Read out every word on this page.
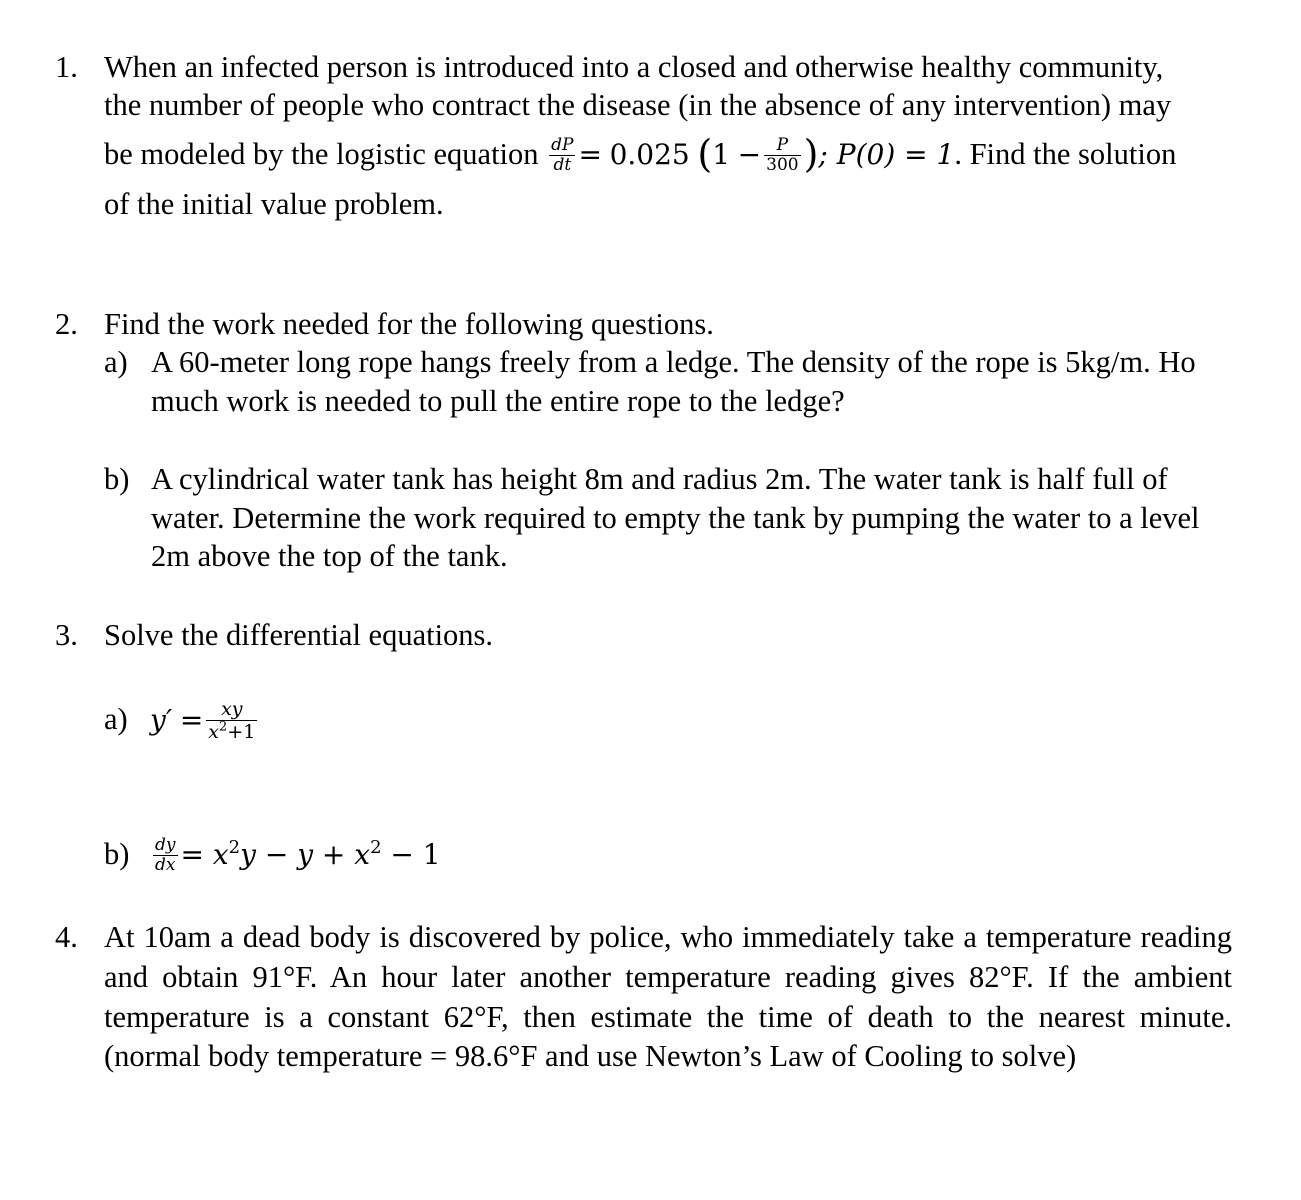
1. When an infected person is introduced into a closed and otherwise healthy community,
the number of people who contract the disease (in the absence of any intervention) may
be modeled by the logistic equation $\frac{dP}{dt} = 0.025$ ($1 - \frac{P}{300}$ ); P(0) = 1. Find the solution
of the initial value problem.
2. Find the work needed for the following questions.
a) A 60-meter long rope hangs freely from a ledge. The density of the rope is 5kg/m. Ho
much work is needed to pull the entire rope to the ledge?
b) A cylindrical water tank has height 8m and radius 2m. The water tank is half full of
water. Determine the work required to empty the tank by pumping the water to a level
2m above the top of the tank.
3. Solve the differential equations.
a) $y' = \frac{xy}{x^2+1}$
$b) \frac{dy}{dx} = x^2y - y + x^2 - 1$
4. At 10am a dead body is discovered by police, who immediately take a temperature reading
and obtain 91°F. An hour later another temperature reading gives 82°F. If the ambient
temperature is a constant 62°F, then estimate the time of death to the nearest minute.
(normal body temperature = 98.6°F and use Newton’s Law of Cooling to solve)
